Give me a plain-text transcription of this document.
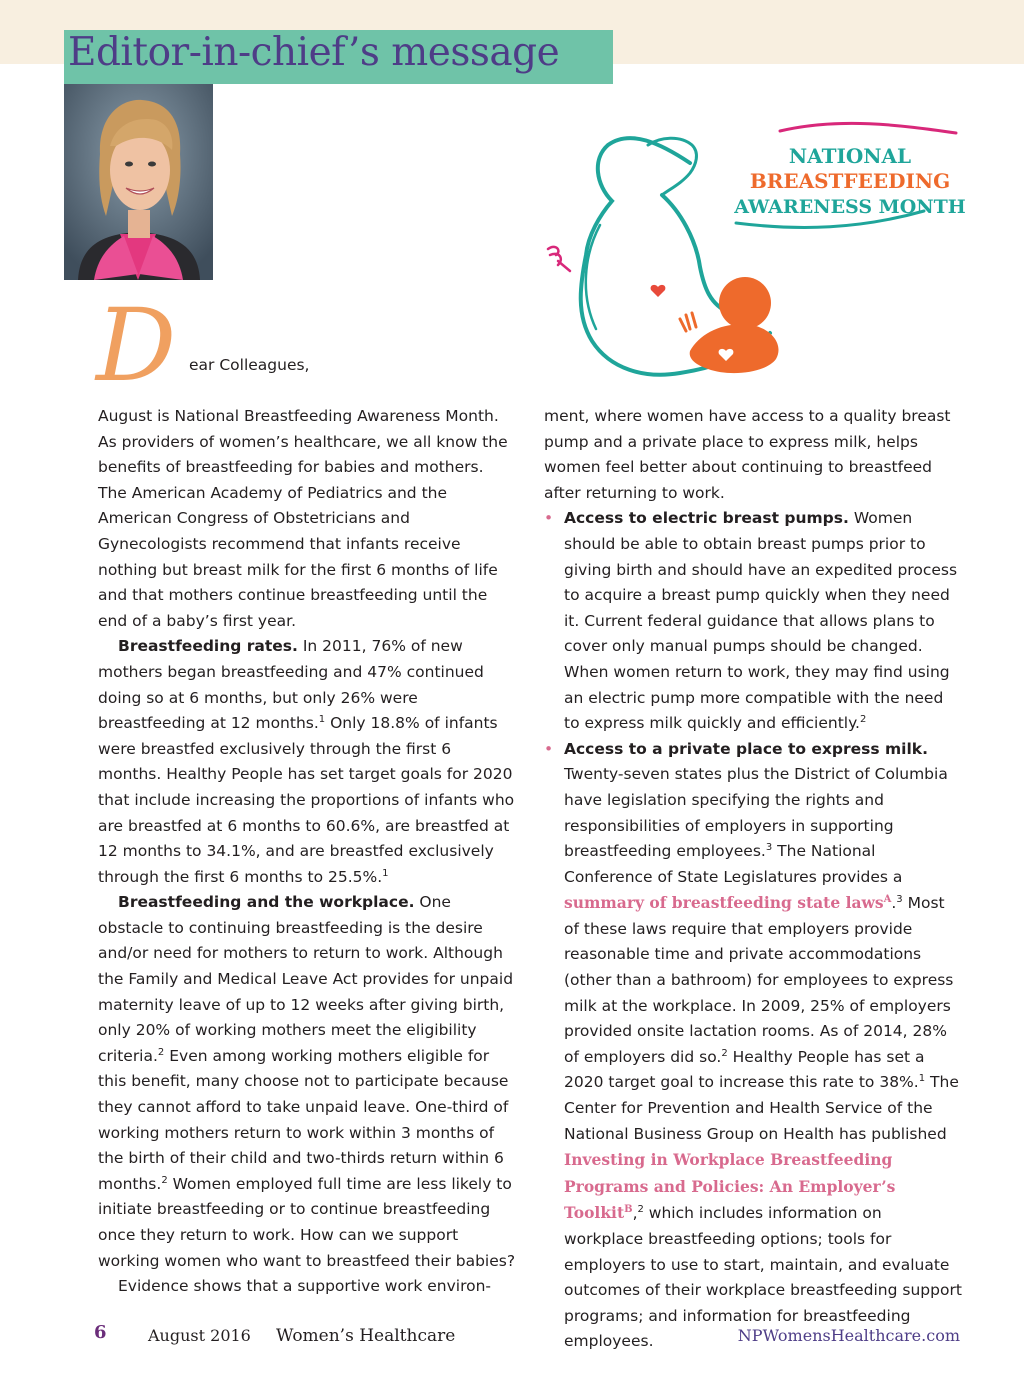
Editor-in-chief’s message
NATIONAL
BREASTFEEDING
AWARENESS MONTH
D ear Colleagues,

August is National Breastfeeding Awareness Month. As providers of women’s healthcare, we all know the benefits of breastfeeding for babies and mothers. The American Academy of Pediatrics and the American Congress of Obstetricians and Gynecologists recommend that infants receive nothing but breast milk for the first 6 months of life and that mothers continue breastfeeding until the end of a baby’s first year.

Breastfeeding rates. In 2011, 76% of new mothers began breastfeeding and 47% continued doing so at 6 months, but only 26% were breastfeeding at 12 months.$^1$ Only 18.8% of infants were breastfed exclusively through the first 6 months. Healthy People has set target goals for 2020 that include increasing the proportions of infants who are breastfed at 6 months to 60.6%, are breastfed at 12 months to 34.1%, and are breastfed exclusively through the first 6 months to 25.5%.$^1$

Breastfeeding and the workplace. One obstacle to continuing breastfeeding is the desire and/or need for mothers to return to work. Although the Family and Medical Leave Act provides for unpaid maternity leave of up to 12 weeks after giving birth, only 20% of working mothers meet the eligibility criteria.$^2$ Even among working mothers eligible for this benefit, many choose not to participate because they cannot afford to take unpaid leave. One-third of working mothers return to work within 3 months of the birth of their child and two-thirds return within 6 months.$^2$ Women employed full time are less likely to initiate breastfeeding or to continue breastfeeding once they return to work. How can we support working women who want to breastfeed their babies?

Evidence shows that a supportive work environ-

ment, where women have access to a quality breast pump and a private place to express milk, helps women feel better about continuing to breastfeed after returning to work.

• Access to electric breast pumps. Women should be able to obtain breast pumps prior to giving birth and should have an expedited process to acquire a breast pump quickly when they need it. Current federal guidance that allows plans to cover only manual pumps should be changed. When women return to work, they may find using an electric pump more compatible with the need to express milk quickly and efficiently.$^2$

• Access to a private place to express milk. Twenty-seven states plus the District of Columbia have legislation specifying the rights and responsibilities of employers in supporting breastfeeding employees.$^3$ The National Conference of State Legislatures provides a summary of breastfeeding state laws$^A$.$^3$ Most of these laws require that employers provide reasonable time and private accommodations (other than a bathroom) for employees to express milk at the workplace. In 2009, 25% of employers provided onsite lactation rooms. As of 2014, 28% of employers did so.$^2$ Healthy People has set a 2020 target goal to increase this rate to 38%.$^1$ The Center for Prevention and Health Service of the National Business Group on Health has published Investing in Workplace Breastfeeding Programs and Policies: An Employer’s Toolkit$^B$,$^2$ which includes information on workplace breastfeeding options; tools for employers to use to start, maintain, and evaluate outcomes of their workplace breastfeeding support programs; and information for breastfeeding employees.

6	August 2016 Women’s Healthcare	NPWomensHealthcare.com
